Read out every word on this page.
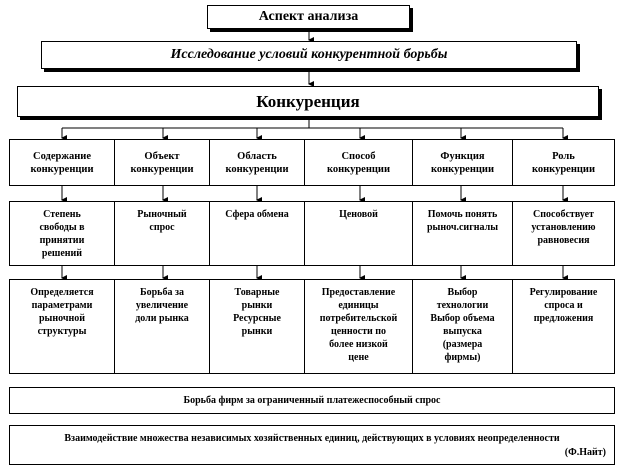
Аспект анализа
Исследование условий конкурентной борьбы
Конкуренция
Содержание
конкуренции
Объект
конкуренции
Область
конкуренции
Способ
конкуренции
Функция
конкуренции
Роль
конкуренции
Степень
свободы в
принятии
решений
Рыночный
спрос
Сфера обмена	Ценовой	Помочь понять
рыноч.сигналы
Способствует
установлению
равновесия
Определяется
параметрами
рыночной
структуры
Борьба за
увеличение
доли рынка
Товарные
рынки
Ресурсные
рынки
Предоставление
единицы
потребительской
ценности по
более низкой
цене
Выбор
технологии
Выбор объема
выпуска
(размера
фирмы)
Регулирование
спроса и
предложения
Борьба фирм за ограниченный платежеспособный спрос
Взаимодействие множества независимых хозяйственных единиц, действующих в условиях неопределенности
(Ф.Найт)
